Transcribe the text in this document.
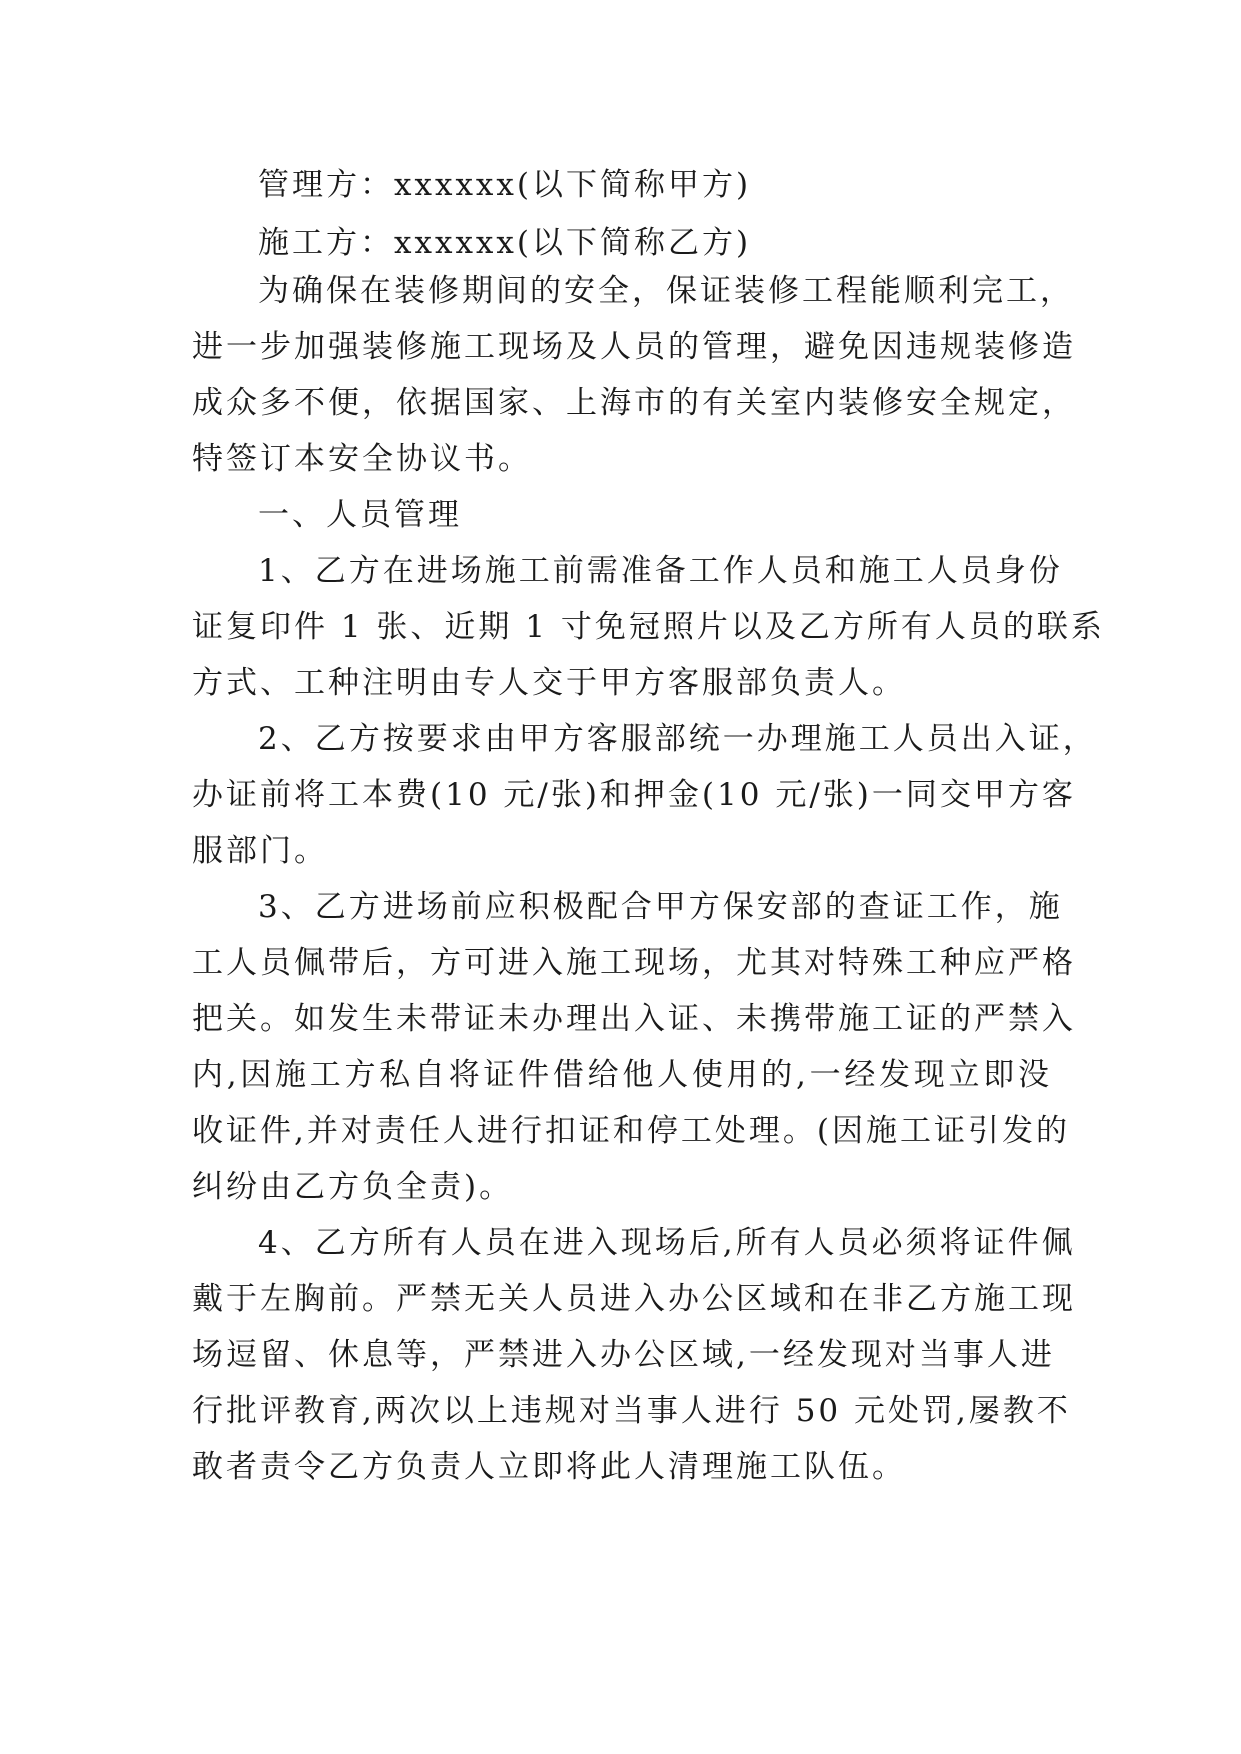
管理方：xxxxxx(以下简称甲方)
施工方：xxxxxx(以下简称乙方)
为确保在装修期间的安全，保证装修工程能顺利完工，
进一步加强装修施工现场及人员的管理，避免因违规装修造
成众多不便，依据国家、上海市的有关室内装修安全规定，
特签订本安全协议书。
一、人员管理
1、乙方在进场施工前需准备工作人员和施工人员身份
证复印件 1 张、近期 1 寸免冠照片以及乙方所有人员的联系
方式、工种注明由专人交于甲方客服部负责人。
2、乙方按要求由甲方客服部统一办理施工人员出入证，
办证前将工本费(10 元/张)和押金(10 元/张)一同交甲方客
服部门。
3、乙方进场前应积极配合甲方保安部的查证工作，施
工人员佩带后，方可进入施工现场，尤其对特殊工种应严格
把关。如发生未带证未办理出入证、未携带施工证的严禁入
内,因施工方私自将证件借给他人使用的,一经发现立即没
收证件,并对责任人进行扣证和停工处理。(因施工证引发的
纠纷由乙方负全责)。
4、乙方所有人员在进入现场后,所有人员必须将证件佩
戴于左胸前。严禁无关人员进入办公区域和在非乙方施工现
场逗留、休息等，严禁进入办公区域,一经发现对当事人进
行批评教育,两次以上违规对当事人进行 50 元处罚,屡教不
敢者责令乙方负责人立即将此人清理施工队伍。
